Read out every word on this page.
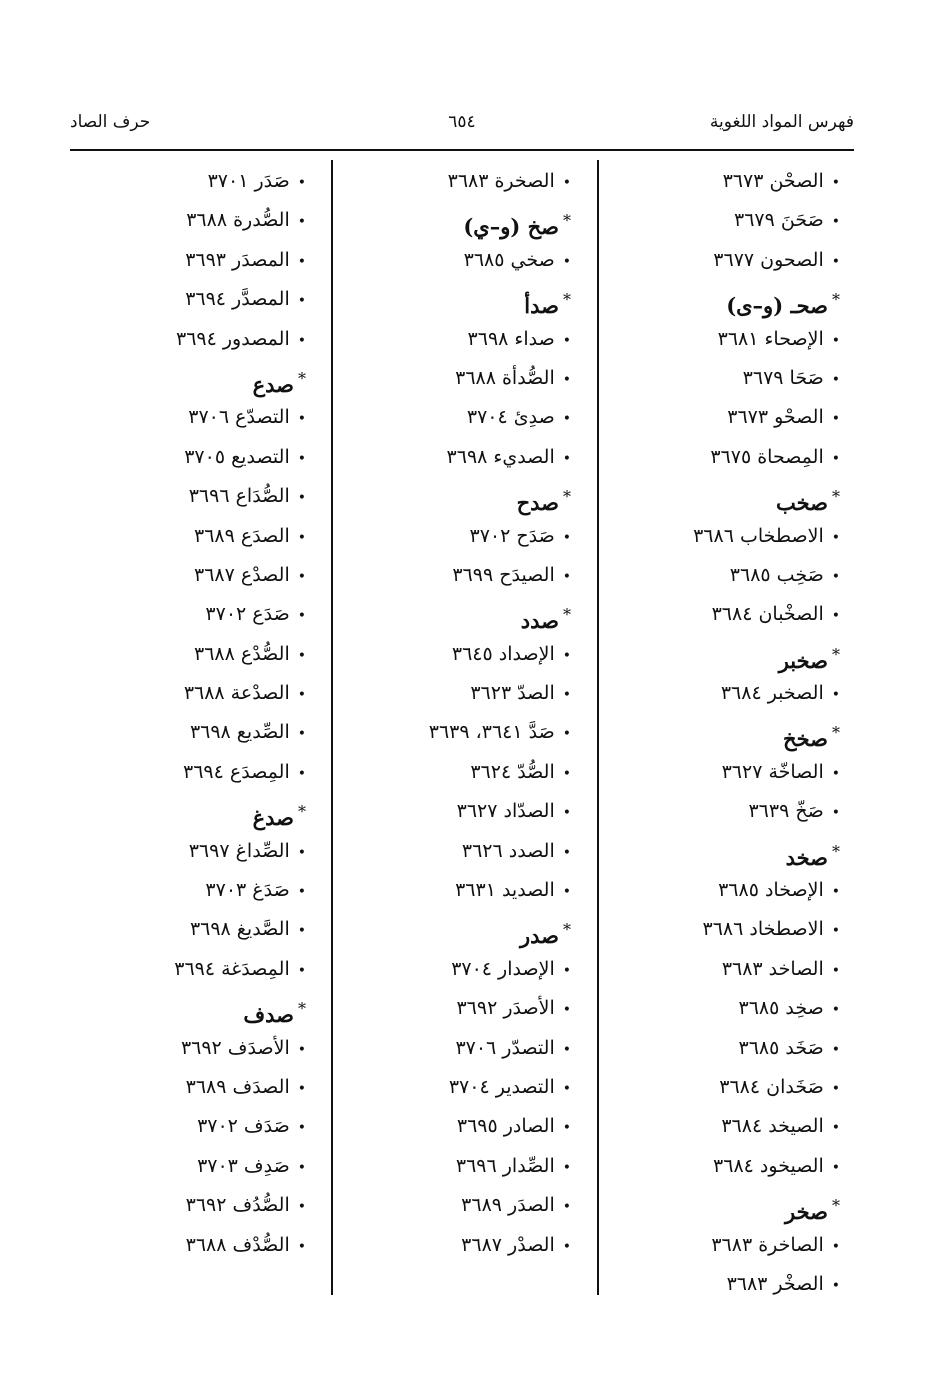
فهرس المواد اللغوية
٦٥٤
حرف الصاد
•الصحْن ٣٦٧٣
•صَحَنَ ٣٦٧٩
•الصحون ٣٦٧٧
*صحـ (و–ى)
•الإصحاء ٣٦٨١
•صَحَا ٣٦٧٩
•الصحْو ٣٦٧٣
•المِصحاة ٣٦٧٥
*صخب
•الاصطخاب ٣٦٨٦
•صَخِب ٣٦٨٥
•الصخْبان ٣٦٨٤
*صخبر
•الصخبر ٣٦٨٤
*صخخ
•الصاخّة ٣٦٢٧
•صَخّ ٣٦٣٩
*صخد
•الإصخاد ٣٦٨٥
•الاصطخاد ٣٦٨٦
•الصاخد ٣٦٨٣
•صخِد ٣٦٨٥
•صَخَد ٣٦٨٥
•صَخَدان ٣٦٨٤
•الصيخد ٣٦٨٤
•الصيخود ٣٦٨٤
*صخر
•الصاخرة ٣٦٨٣
•الصخْر ٣٦٨٣
•الصخرة ٣٦٨٣
*صخ (و–ي)
•صخي ٣٦٨٥
*صدأ
•صداء ٣٦٩٨
•الصُّدأة ٣٦٨٨
•صدِئ ٣٧٠٤
•الصديء ٣٦٩٨
*صدح
•صَدَح ٣٧٠٢
•الصيدَح ٣٦٩٩
*صدد
•الإصداد ٣٦٤٥
•الصدّ ٣٦٢٣
•صَدَّ ٣٦٤١، ٣٦٣٩
•الصُّدّ ٣٦٢٤
•الصدّاد ٣٦٢٧
•الصدد ٣٦٢٦
•الصديد ٣٦٣١
*صدر
•الإصدار ٣٧٠٤
•الأصدَر ٣٦٩٢
•التصدّر ٣٧٠٦
•التصدير ٣٧٠٤
•الصادر ٣٦٩٥
•الصِّدار ٣٦٩٦
•الصدَر ٣٦٨٩
•الصدْر ٣٦٨٧
•صَدَر ٣٧٠١
•الصُّدرة ٣٦٨٨
•المصدَر ٣٦٩٣
•المصدَّر ٣٦٩٤
•المصدور ٣٦٩٤
*صدع
•التصدّع ٣٧٠٦
•التصديع ٣٧٠٥
•الصُّدَاع ٣٦٩٦
•الصدَع ٣٦٨٩
•الصدْع ٣٦٨٧
•صَدَع ٣٧٠٢
•الصُّدْع ٣٦٨٨
•الصدْعة ٣٦٨٨
•الصِّديع ٣٦٩٨
•المِصدَع ٣٦٩٤
*صدغ
•الصِّداغ ٣٦٩٧
•صَدَغ ٣٧٠٣
•الصَّديغ ٣٦٩٨
•المِصدَغة ٣٦٩٤
*صدف
•الأصدَف ٣٦٩٢
•الصدَف ٣٦٨٩
•صَدَف ٣٧٠٢
•صَدِف ٣٧٠٣
•الصُّدُف ٣٦٩٢
•الصُّدْف ٣٦٨٨
